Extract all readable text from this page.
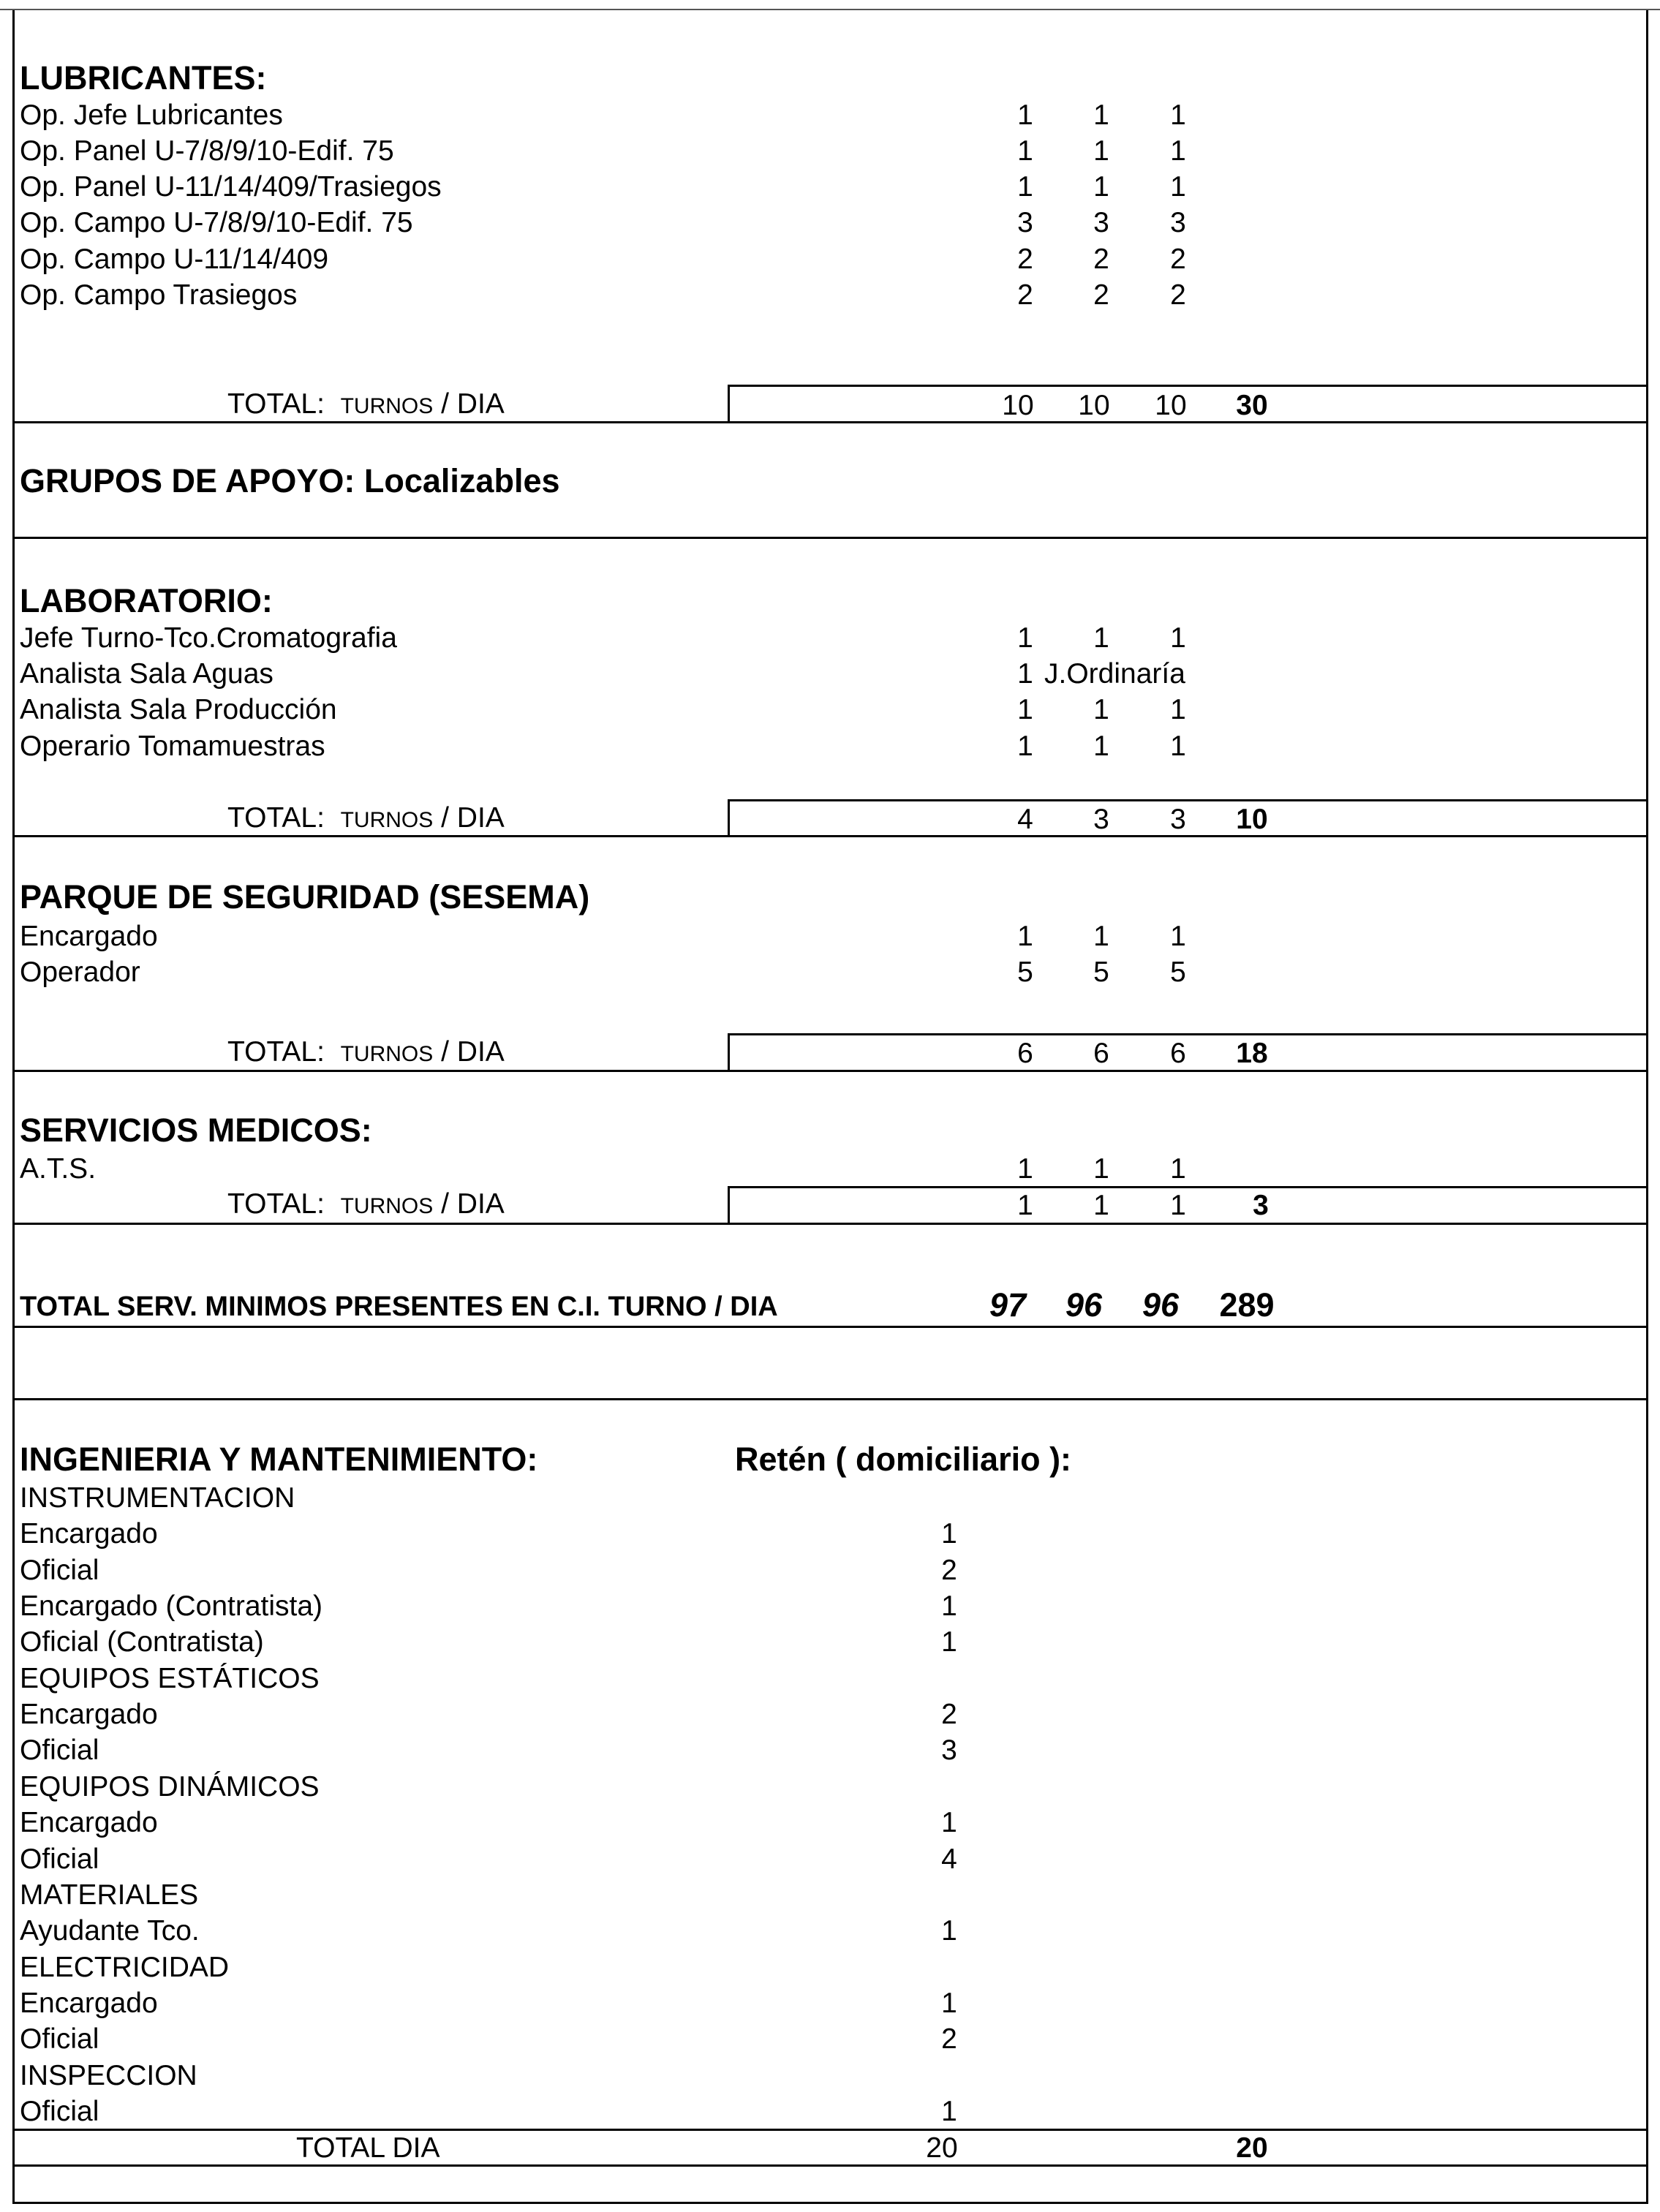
LUBRICANTES:
Op. Jefe Lubricantes	1	1	1
Op. Panel U-7/8/9/10-Edif. 75	1	1	1
Op. Panel U-11/14/409/Trasiegos	1	1	1
Op. Campo U-7/8/9/10-Edif. 75	3	3	3
Op. Campo U-11/14/409	2	2	2
Op. Campo Trasiegos	2	2	2
TOTAL: TURNOS / DIA	10	10	10	30
GRUPOS DE APOYO: Localizables
LABORATORIO:
Jefe Turno-Tco.Cromatografia	1	1	1
Analista Sala Aguas	1 J.Ordinaría
Analista Sala Producción	1	1	1
Operario Tomamuestras	1	1	1
TOTAL: TURNOS / DIA	4	3	3	10
PARQUE DE SEGURIDAD (SESEMA)
Encargado	1	1	1
Operador	5	5	5
TOTAL: TURNOS / DIA	6	6	6	18
SERVICIOS MEDICOS:
A.T.S.	1	1	1
TOTAL: TURNOS / DIA	1	1	1	3
TOTAL SERV. MINIMOS PRESENTES EN C.I. TURNO / DIA	97	96	96	289
INGENIERIA Y MANTENIMIENTO:	Retén ( domiciliario ):
INSTRUMENTACION
Encargado	1
Oficial	2
Encargado (Contratista)	1
Oficial (Contratista)	1
EQUIPOS ESTÁTICOS
Encargado	2
Oficial	3
EQUIPOS DINÁMICOS
Encargado	1
Oficial	4
MATERIALES
Ayudante Tco.	1
ELECTRICIDAD
Encargado	1
Oficial	2
INSPECCION
Oficial	1
TOTAL DIA	20	20
